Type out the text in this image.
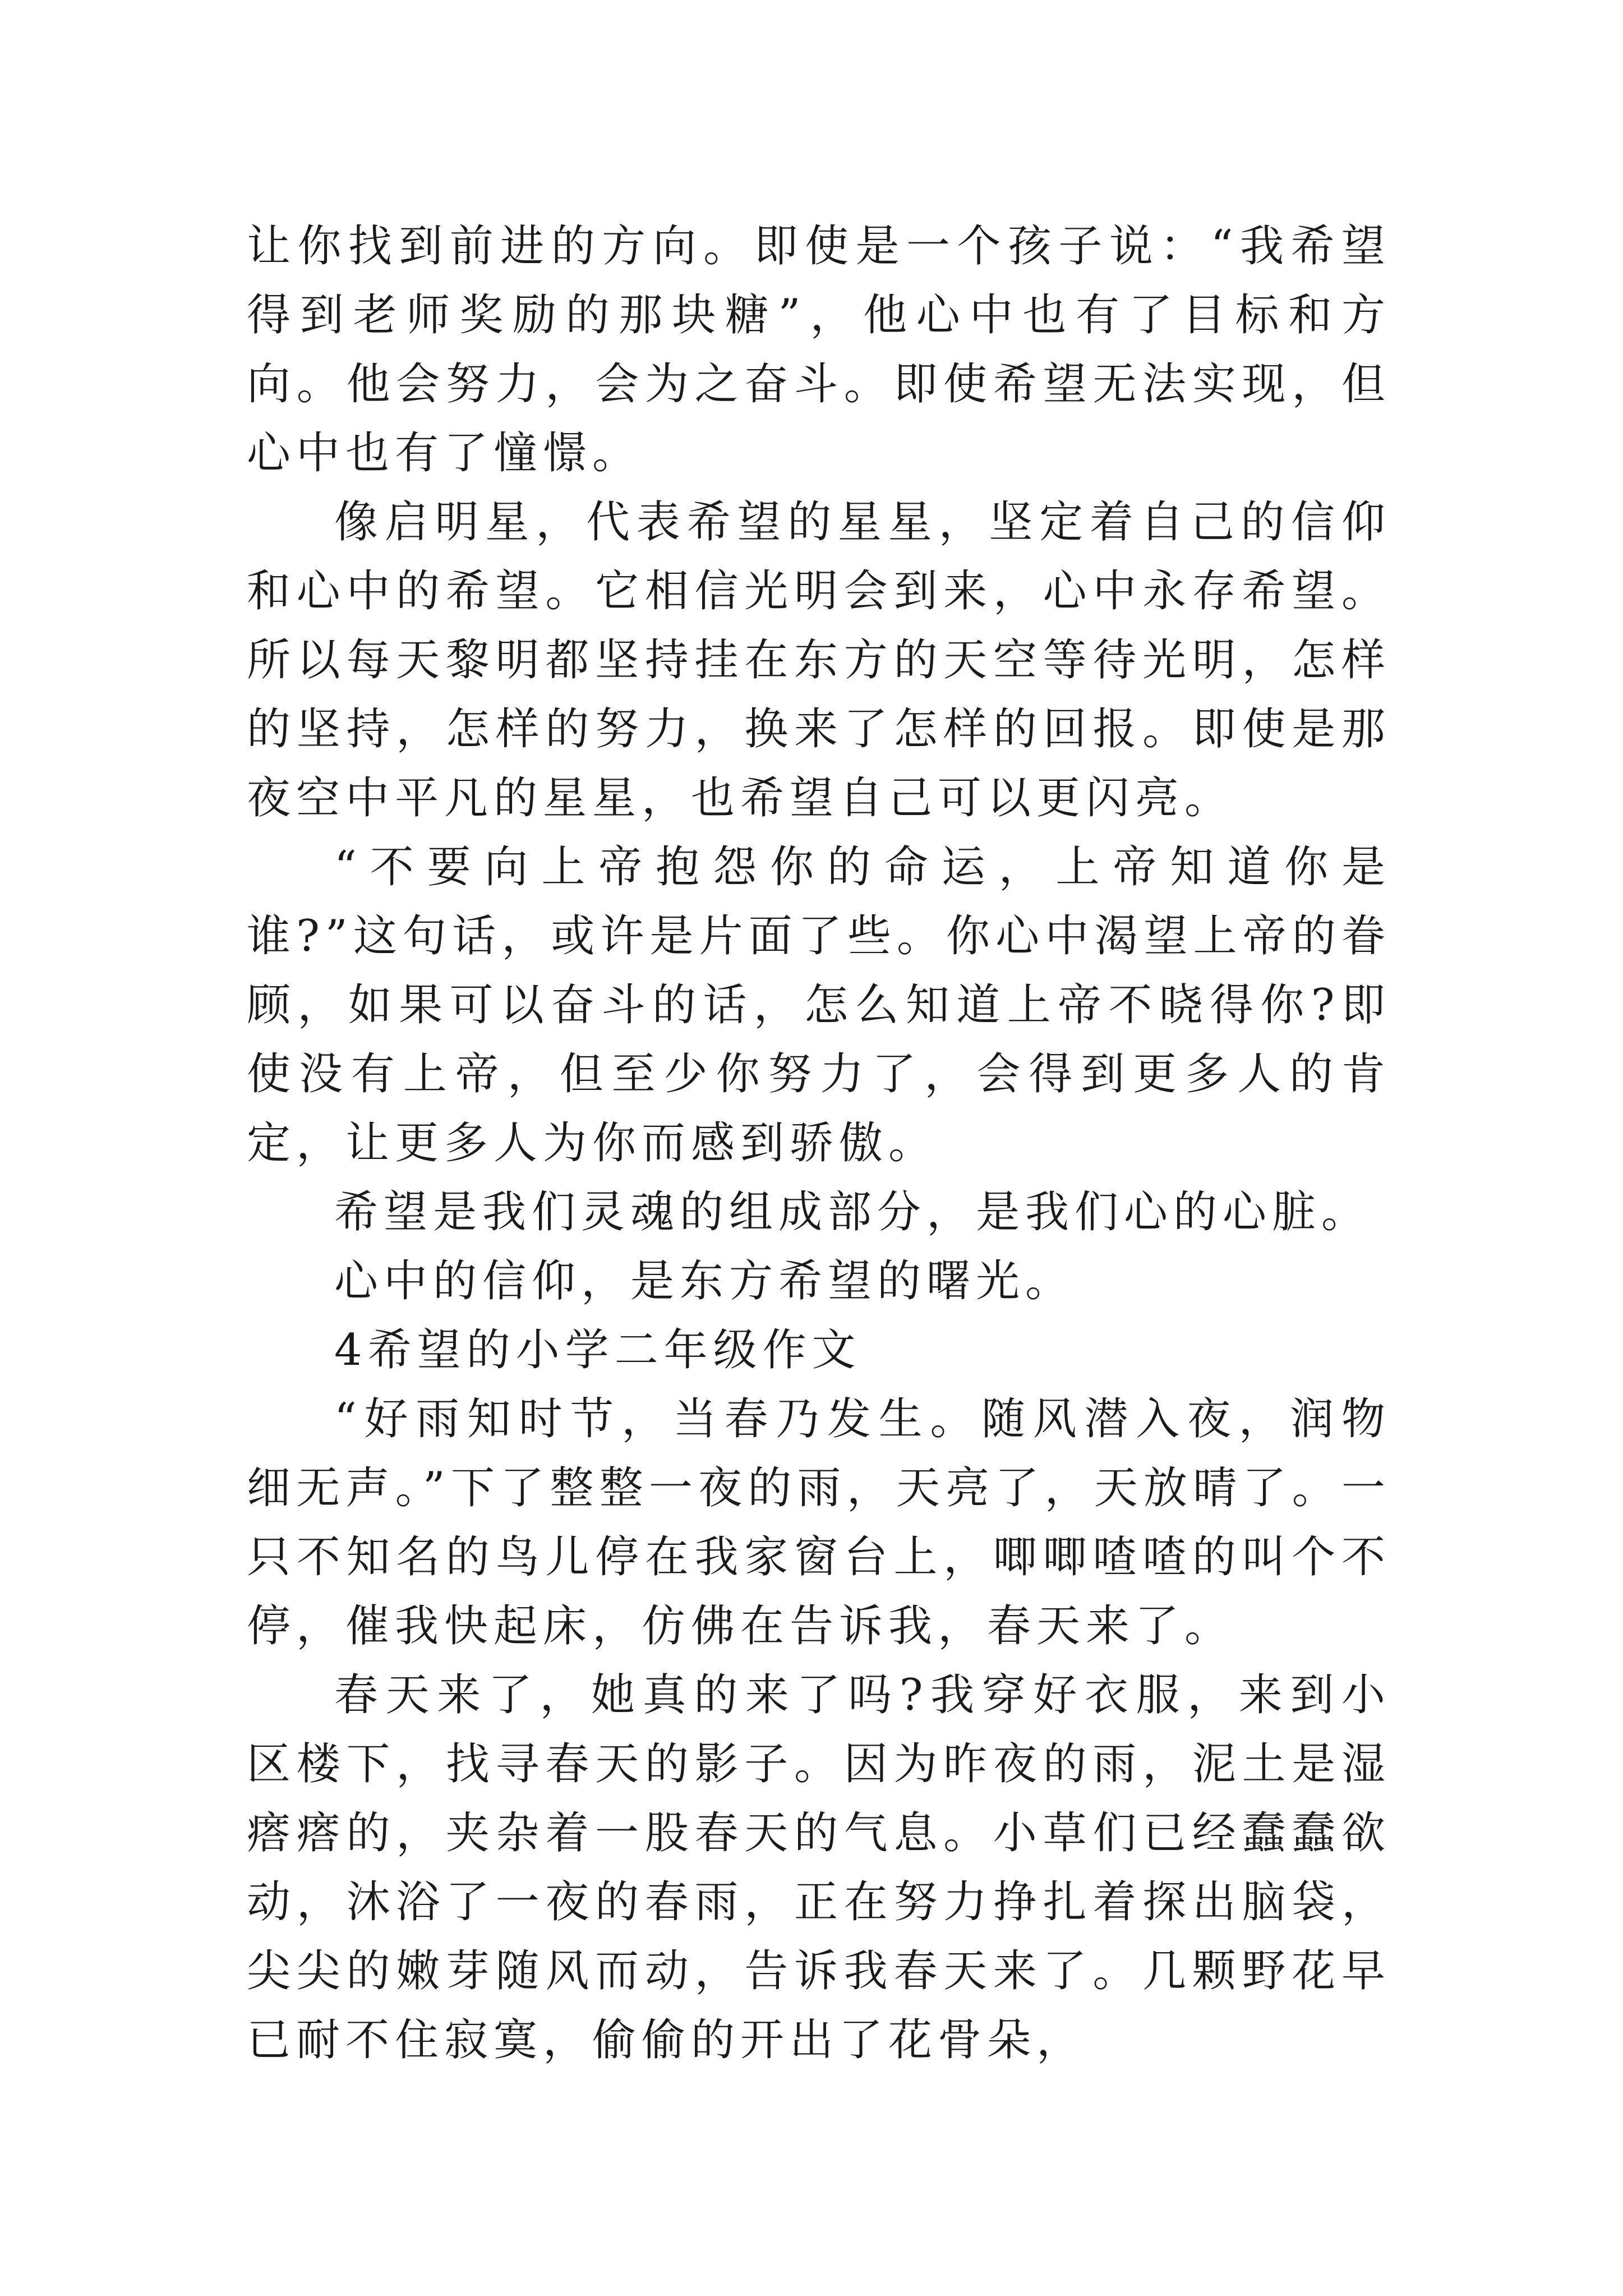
让你找到前进的方向。即使是一个孩子说：“我希望得到老师奖励的那块糖”，他心中也有了目标和方向。他会努力，会为之奋斗。即使希望无法实现，但心中也有了憧憬。

像启明星，代表希望的星星，坚定着自己的信仰和心中的希望。它相信光明会到来，心中永存希望。所以每天黎明都坚持挂在东方的天空等待光明，怎样的坚持，怎样的努力，换来了怎样的回报。即使是那夜空中平凡的星星，也希望自己可以更闪亮。

“不要向上帝抱怨你的命运，上帝知道你是谁?”这句话，或许是片面了些。你心中渴望上帝的眷顾，如果可以奋斗的话，怎么知道上帝不晓得你?即使没有上帝，但至少你努力了，会得到更多人的肯定，让更多人为你而感到骄傲。

希望是我们灵魂的组成部分，是我们心的心脏。

心中的信仰，是东方希望的曙光。

4希望的小学二年级作文

“好雨知时节，当春乃发生。随风潜入夜，润物细无声。”下了整整一夜的雨，天亮了，天放晴了。一只不知名的鸟儿停在我家窗台上，唧唧喳喳的叫个不停，催我快起床，仿佛在告诉我，春天来了。

春天来了，她真的来了吗?我穿好衣服，来到小区楼下，找寻春天的影子。因为昨夜的雨，泥土是湿瘩瘩的，夹杂着一股春天的气息。小草们已经蠢蠢欲动，沐浴了一夜的春雨，正在努力挣扎着探出脑袋，尖尖的嫩芽随风而动，告诉我春天来了。几颗野花早已耐不住寂寞，偷偷的开出了花骨朵，
